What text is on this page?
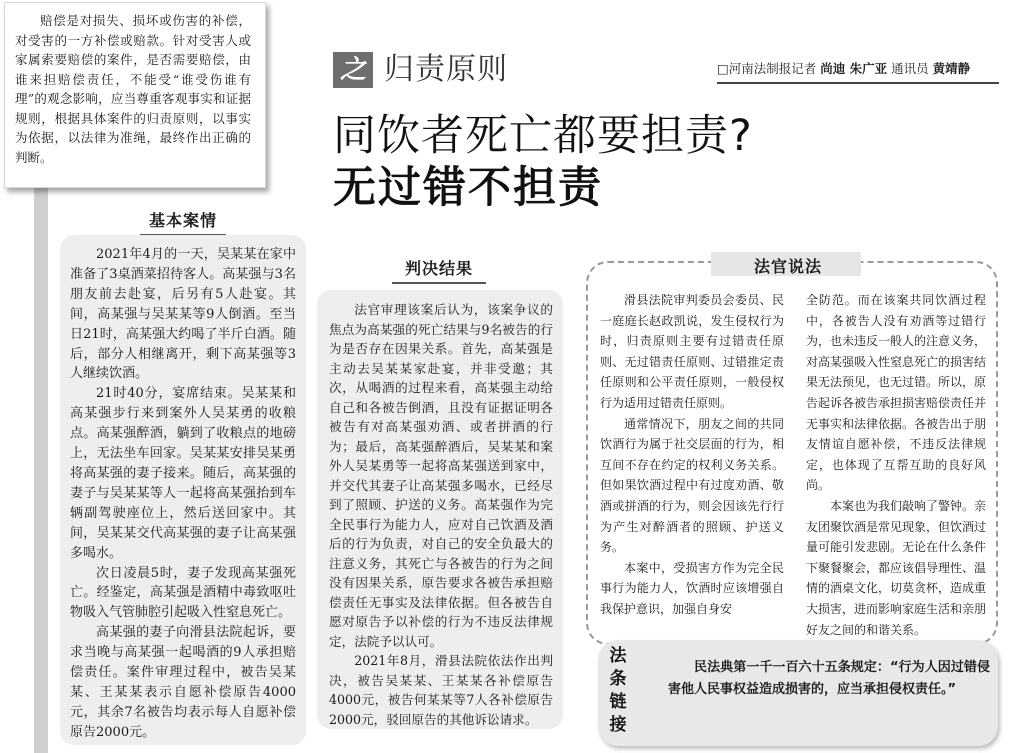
赔偿是对损失、损坏或伤害的补偿，对受害的一方补偿或赔款。针对受害人或家属索要赔偿的案件，是否需要赔偿，由谁来担赔偿责任，不能受“谁受伤谁有理”的观念影响，应当尊重客观事实和证据规则，根据具体案件的归责原则，以事实为依据，以法律为准绳，最终作出正确的判断。

之 归责原则	□河南法制报记者 尚迪 朱广亚 通讯员 黄靖静
同饮者死亡都要担责?
无过错不担责
基本案情

2021年4月的一天，吴某某在家中准备了3桌酒菜招待客人。高某强与3名朋友前去赴宴，后另有5人赴宴。其间，高某强与吴某某等9人倒酒。至当日21时，高某强大约喝了半斤白酒。随后，部分人相继离开，剩下高某强等3人继续饮酒。

21时40分，宴席结束。吴某某和高某强步行来到案外人吴某勇的收粮点。高某强醉酒，躺到了收粮点的地磅上，无法坐车回家。吴某某安排吴某勇将高某强的妻子接来。随后，高某强的妻子与吴某某等人一起将高某强抬到车辆副驾驶座位上，然后送回家中。其间，吴某某交代高某强的妻子让高某强多喝水。

次日凌晨5时，妻子发现高某强死亡。经鉴定，高某强是酒精中毒致呕吐物吸入气管肺腔引起吸入性窒息死亡。

高某强的妻子向滑县法院起诉，要求当晚与高某强一起喝酒的9人承担赔偿责任。案件审理过程中，被告吴某某、王某某表示自愿补偿原告4000元，其余7名被告均表示每人自愿补偿原告2000元。

判决结果

法官审理该案后认为，该案争议的焦点为高某强的死亡结果与9名被告的行为是否存在因果关系。首先，高某强是主动去吴某某家赴宴，并非受邀；其次，从喝酒的过程来看，高某强主动给自己和各被告倒酒，且没有证据证明各被告有对高某强劝酒、或者拼酒的行为；最后，高某强醉酒后，吴某某和案外人吴某勇等一起将高某强送到家中，并交代其妻子让高某强多喝水，已经尽到了照顾、护送的义务。高某强作为完全民事行为能力人，应对自己饮酒及酒后的行为负责，对自己的安全负最大的注意义务，其死亡与各被告的行为之间没有因果关系，原告要求各被告承担赔偿责任无事实及法律依据。但各被告自愿对原告予以补偿的行为不违反法律规定，法院予以认可。

2021年8月，滑县法院依法作出判决，被告吴某某、王某某各补偿原告4000元，被告何某某等7人各补偿原告2000元，驳回原告的其他诉讼请求。

法官说法

滑县法院审判委员会委员、民一庭庭长赵政凯说，发生侵权行为时，归责原则主要有过错责任原则、无过错责任原则、过错推定责任原则和公平责任原则，一般侵权行为适用过错责任原则。

通常情况下，朋友之间的共同饮酒行为属于社交层面的行为，相互间不存在约定的权利义务关系。但如果饮酒过程中有过度劝酒、敬酒或拼酒的行为，则会因该先行行为产生对醉酒者的照顾、护送义务。

本案中，受损害方作为完全民事行为能力人，饮酒时应该增强自我保护意识，加强自身安

全防范。而在该案共同饮酒过程中，各被告人没有劝酒等过错行为，也未违反一般人的注意义务，对高某强吸入性窒息死亡的损害结果无法预见，也无过错。所以，原告起诉各被告承担损害赔偿责任并无事实和法律依据。各被告出于朋友情谊自愿补偿，不违反法律规定，也体现了互帮互助的良好风尚。

本案也为我们敲响了警钟。亲友团聚饮酒是常见现象，但饮酒过量可能引发悲剧。无论在什么条件下聚餐聚会，都应该倡导理性、温情的酒桌文化，切莫贪杯，造成重大损害，进而影响家庭生活和亲朋好友之间的和谐关系。

法
条
链
接
民法典第一千一百六十五条规定：“行为人因过错侵害他人民事权益造成损害的，应当承担侵权责任。”
